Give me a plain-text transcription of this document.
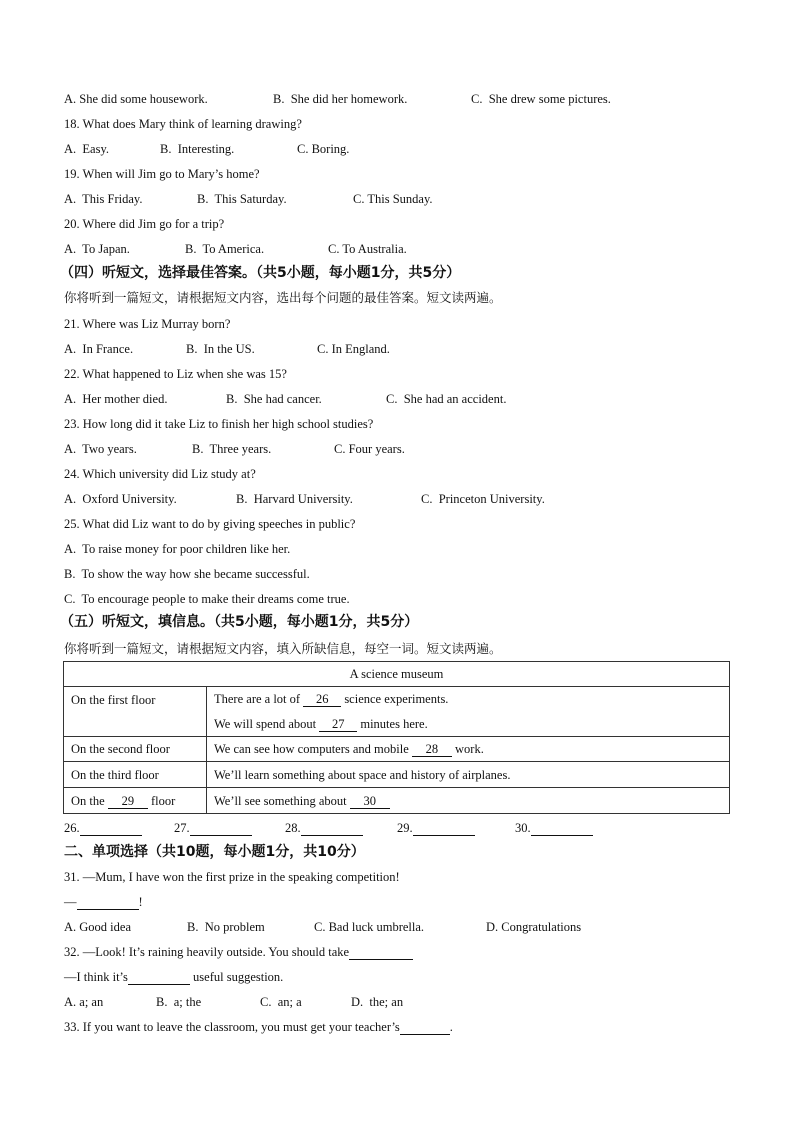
A. She did some housework.	B.  She did her homework.	C.  She drew some pictures.
18. What does Mary think of learning drawing?
A.  Easy.	B.  Interesting.	C. Boring.
19. When will Jim go to Mary’s home?
A.  This Friday.	B.  This Saturday.	C. This Sunday.
20. Where did Jim go for a trip?
A.  To Japan.	B.  To America.	C. To Australia.
（四）听短文，选择最佳答案。（共5小题，每小题1分，共5分）
你将听到一篇短文，请根据短文内容，选出每个问题的最佳答案。短文读两遍。
21. Where was Liz Murray born?
A.  In France.	B.  In the US.	C. In England.
22. What happened to Liz when she was 15?
A.  Her mother died.	B.  She had cancer.	C.  She had an accident.
23. How long did it take Liz to finish her high school studies?
A.  Two years.	B.  Three years.	C. Four years.
24. Which university did Liz study at?
A.  Oxford University.	B.  Harvard University.	C.  Princeton University.
25. What did Liz want to do by giving speeches in public?
A.  To raise money for poor children like her.
B.  To show the way how she became successful.
C.  To encourage people to make their dreams come true.
（五）听短文，填信息。（共5小题，每小题1分，共5分）
你将听到一篇短文，请根据短文内容，填入所缺信息，每空一词。短文读两遍。
A science museum	
On the first floor	There are a lot of 26 science experiments.
We will spend about 27 minutes here.

On the second floor	We can see how computers and mobile 28 work.
On the third floor	We’ll learn something about space and history of airplanes.
On the 29 floor	We’ll see something about 30
26.	27.	28.	29.	30.
二、单项选择（共10题，每小题1分，共10分）
31. —Mum, I have won the first prize in the speaking competition!
—	!
A. Good idea	B.  No problem	C. Bad luck umbrella.	D. Congratulations
32. —Look! It’s raining heavily outside. You should take
—I think it’s	useful suggestion.
A. a; an	B.  a; the	C.  an; a	D.  the; an
33. If you want to leave the classroom, you must get your teacher’s	.
